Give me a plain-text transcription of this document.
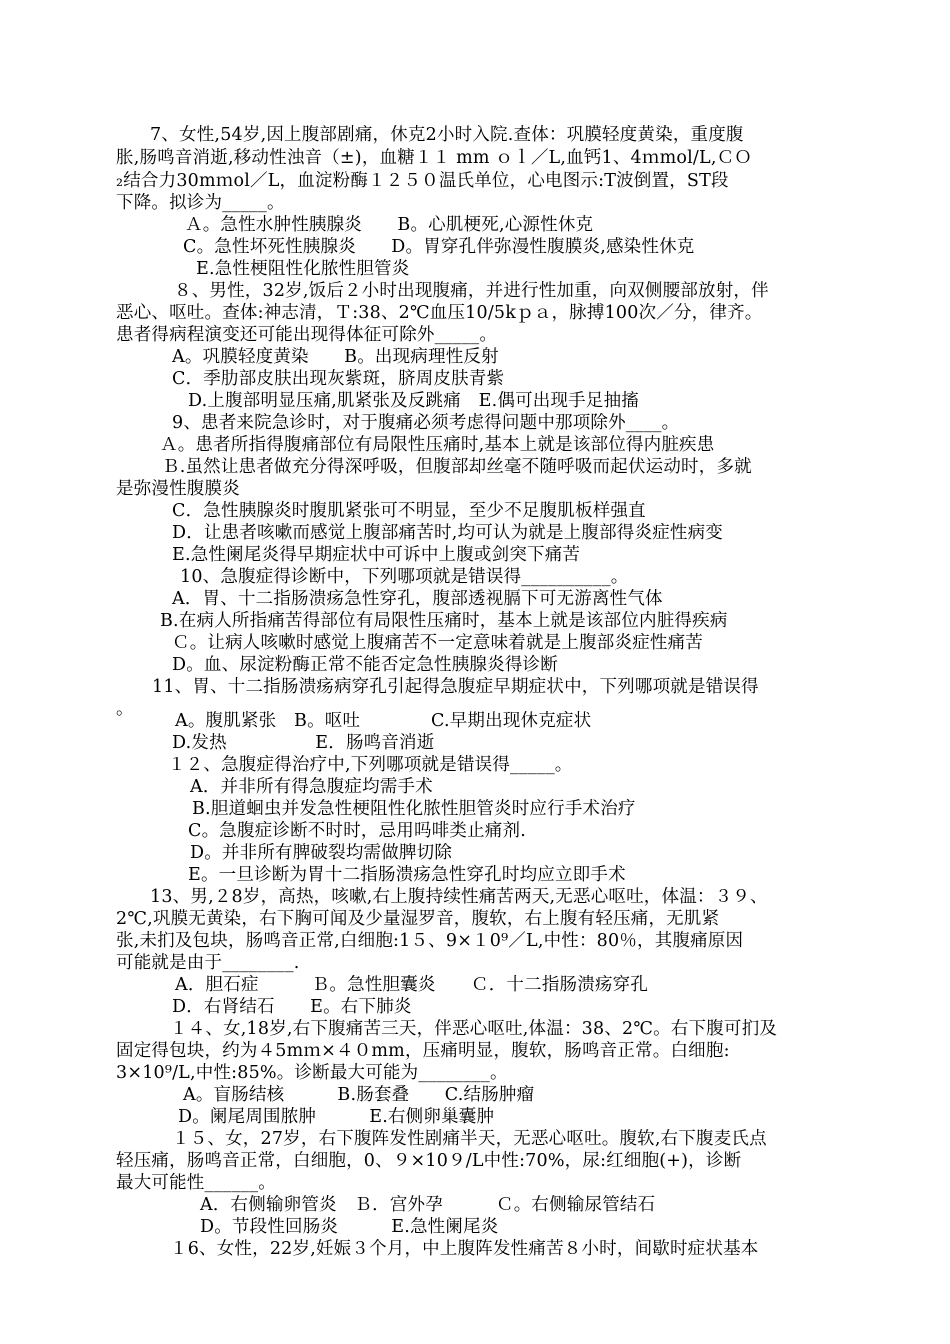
7、女性,54岁,因上腹部剧痛，休克2小时入院.查体：巩膜轻度黄染，重度腹
胀,肠鸣音消逝,移动性浊音（±)，血糖１１ mm ｏｌ／L,血钙1、4ｍmol/L,ＣＯ
₂结合力30mｍol／L，血淀粉酶１２５０温氏单位，心电图示:T波倒置，ST段
下降。拟诊为_____。
Ａ。急性水肿性胰腺炎　　B。心肌梗死,心源性休克
C。急性坏死性胰腺炎　　D。胃穿孔伴弥漫性腹膜炎,感染性休克
E.急性梗阻性化脓性胆管炎
８、男性，32岁,饭后２小时出现腹痛，并进行性加重，向双侧腰部放射，伴
恶心、呕吐。查体:神志清，Ｔ:38、2℃血压10/5kｐａ，脉搏100次／分，律齐。
患者得病程演变还可能出现得体征可除外_____。
A。巩膜轻度黄染　　B。出现病理性反射
C．季肋部皮肤出现灰紫斑，脐周皮肤青紫
D.上腹部明显压痛,肌紧张及反跳痛　E.偶可出现手足抽搐
9、患者来院急诊时，对于腹痛必须考虑得问题中那项除外____。
Ａ。患者所指得腹痛部位有局限性压痛时,基本上就是该部位得内脏疾患
Ｂ.虽然让患者做充分得深呼吸，但腹部却丝毫不随呼吸而起伏运动时，多就
是弥漫性腹膜炎
C．急性胰腺炎时腹肌紧张可不明显，至少不足腹肌板样强直
D．让患者咳嗽而感觉上腹部痛苦时,均可认为就是上腹部得炎症性病变
E.急性阑尾炎得早期症状中可诉中上腹或剑突下痛苦
10、急腹症得诊断中，下列哪项就是错误得__________。
A．胃、十二指肠溃疡急性穿孔，腹部透视膈下可无游离性气体
B.在病人所指痛苦得部位有局限性压痛时，基本上就是该部位内脏得疾病
Ｃ。让病人咳嗽时感觉上腹痛苦不一定意味着就是上腹部炎症性痛苦
D。血、尿淀粉酶正常不能否定急性胰腺炎得诊断
11、胃、十二指肠溃疡病穿孔引起得急腹症早期症状中，下列哪项就是错误得
。
A。腹肌紧张　B。呕吐　　　　C.早期出现休克症状
D.发热　　　　　E．肠鸣音消逝
１２、急腹症得治疗中,下列哪项就是错误得_____。
A．并非所有得急腹症均需手术
B.胆道蛔虫并发急性梗阻性化脓性胆管炎时应行手术治疗
C。急腹症诊断不时时，忌用吗啡类止痛剂.
D。并非所有脾破裂均需做脾切除
E。一旦诊断为胃十二指肠溃疡急性穿孔时均应立即手术
13、男,２8岁，高热，咳嗽,右上腹持续性痛苦两天,无恶心呕吐，体温：３９、
2℃,巩膜无黄染，右下胸可闻及少量湿罗音，腹软，右上腹有轻压痛，无肌紧
张,未扪及包块，肠鸣音正常,白细胞:1５、9×１0⁹／L,中性：80％，其腹痛原因
可能就是由于________.
A．胆石症　　　Ｂ。急性胆囊炎　　Ｃ．十二指肠溃疡穿孔
D．右肾结石　　E。右下肺炎
１４、女,18岁,右下腹痛苦三天，伴恶心呕吐,体温：38、2℃。右下腹可扪及
固定得包块，约为４5mｍ×４０mm，压痛明显，腹软，肠鸣音正常。白细胞:
3×10⁹/L,中性:85%。诊断最大可能为________。
A。盲肠结核　　　B.肠套叠　　C.结肠肿瘤
D。阑尾周围脓肿　　　E.右侧卵巢囊肿
１５、女，27岁，右下腹阵发性剧痛半天，无恶心呕吐。腹软,右下腹麦氏点
轻压痛，肠鸣音正常，白细胞，0、９×10９/L中性:70%，尿:红细胞(+)，诊断
最大可能性______。
A．右侧输卵管炎　Ｂ．宫外孕　　　Ｃ。右侧输尿管结石
D。节段性回肠炎　　　E.急性阑尾炎
１6、女性，22岁,妊娠３个月，中上腹阵发性痛苦８小时，间歇时症状基本
